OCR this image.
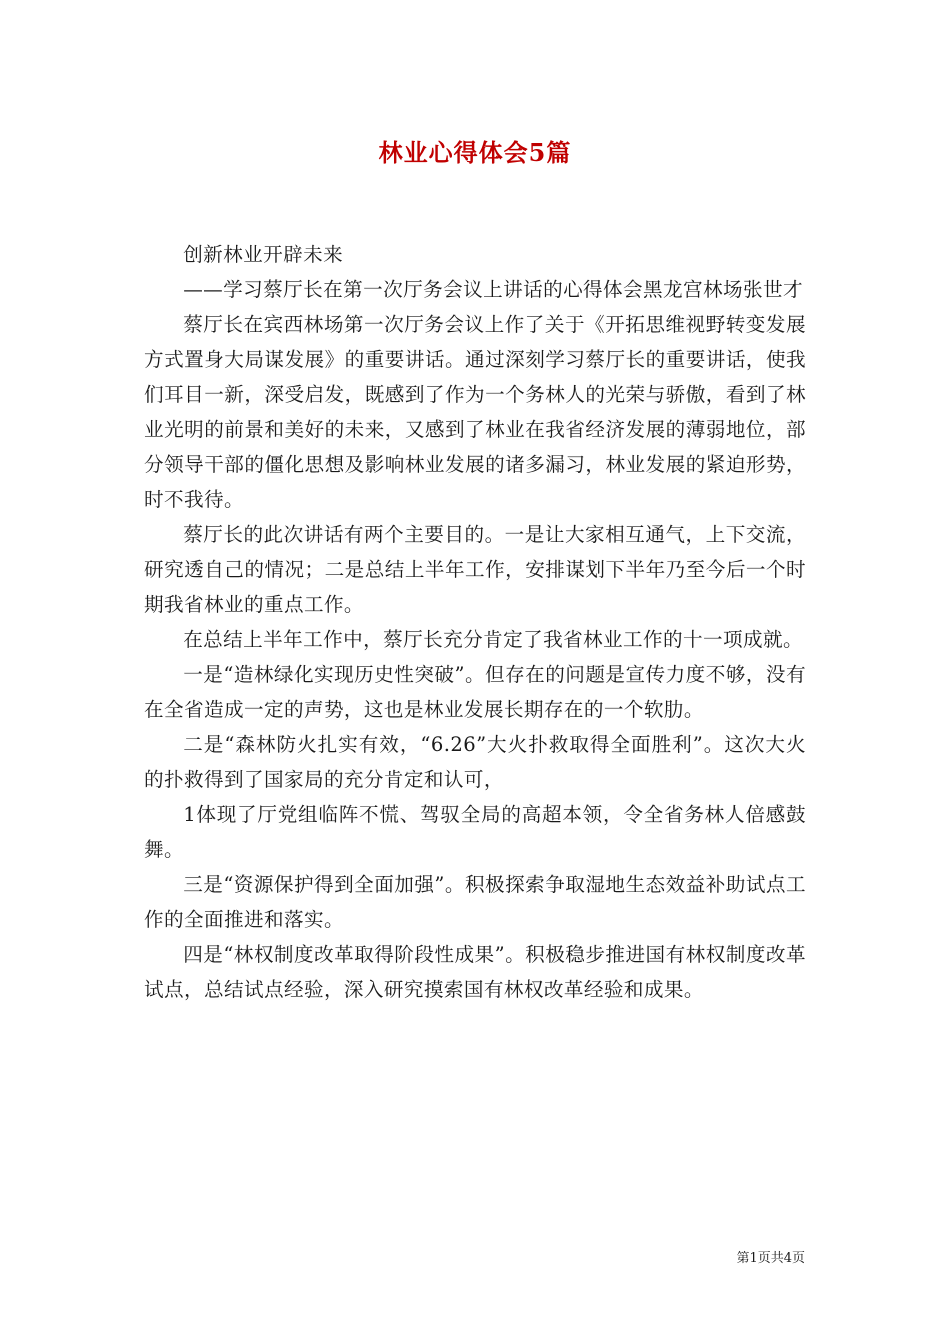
林业心得体会5篇

创新林业开辟未来

——学习蔡厅长在第一次厅务会议上讲话的心得体会黑龙宫林场张世才

蔡厅长在宾西林场第一次厅务会议上作了关于《开拓思维视野转变发展方式置身大局谋发展》的重要讲话。通过深刻学习蔡厅长的重要讲话，使我们耳目一新，深受启发，既感到了作为一个务林人的光荣与骄傲，看到了林业光明的前景和美好的未来，又感到了林业在我省经济发展的薄弱地位，部分领导干部的僵化思想及影响林业发展的诸多漏习，林业发展的紧迫形势，时不我待。

蔡厅长的此次讲话有两个主要目的。一是让大家相互通气，上下交流，研究透自己的情况；二是总结上半年工作，安排谋划下半年乃至今后一个时期我省林业的重点工作。

在总结上半年工作中，蔡厅长充分肯定了我省林业工作的十一项成就。

一是“造林绿化实现历史性突破”。但存在的问题是宣传力度不够，没有在全省造成一定的声势，这也是林业发展长期存在的一个软肋。

二是“森林防火扎实有效，“6.26”大火扑救取得全面胜利”。这次大火的扑救得到了国家局的充分肯定和认可，

1体现了厅党组临阵不慌、驾驭全局的高超本领，令全省务林人倍感鼓舞。

三是“资源保护得到全面加强”。积极探索争取湿地生态效益补助试点工作的全面推进和落实。

四是“林权制度改革取得阶段性成果”。积极稳步推进国有林权制度改革试点，总结试点经验，深入研究摸索国有林权改革经验和成果。

第1页共4页
